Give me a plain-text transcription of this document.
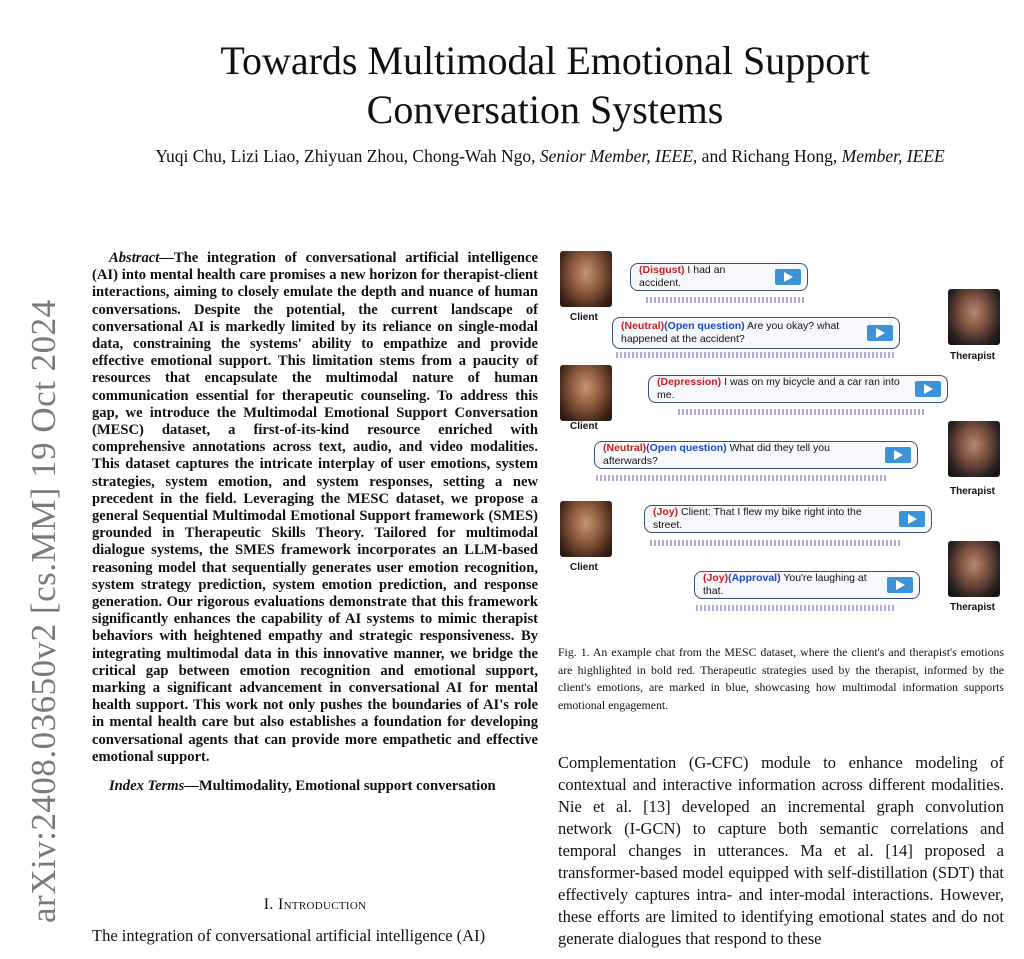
arXiv:2408.03650v2 [cs.MM] 19 Oct 2024
Towards Multimodal Emotional Support
Conversation Systems
Yuqi Chu, Lizi Liao, Zhiyuan Zhou, Chong-Wah Ngo, Senior Member, IEEE, and Richang Hong, Member, IEEE

Abstract—The integration of conversational artificial intelligence (AI) into mental health care promises a new horizon for therapist-client interactions, aiming to closely emulate the depth and nuance of human conversations. Despite the potential, the current landscape of conversational AI is markedly limited by its reliance on single-modal data, constraining the systems' ability to empathize and provide effective emotional support. This limitation stems from a paucity of resources that encapsulate the multimodal nature of human communication essential for therapeutic counseling. To address this gap, we introduce the Multimodal Emotional Support Conversation (MESC) dataset, a first-of-its-kind resource enriched with comprehensive annotations across text, audio, and video modalities. This dataset captures the intricate interplay of user emotions, system strategies, system emotion, and system responses, setting a new precedent in the field. Leveraging the MESC dataset, we propose a general Sequential Multimodal Emotional Support framework (SMES) grounded in Therapeutic Skills Theory. Tailored for multimodal dialogue systems, the SMES framework incorporates an LLM-based reasoning model that sequentially generates user emotion recognition, system strategy prediction, system emotion prediction, and response generation. Our rigorous evaluations demonstrate that this framework significantly enhances the capability of AI systems to mimic therapist behaviors with heightened empathy and strategic responsiveness. By integrating multimodal data in this innovative manner, we bridge the critical gap between emotion recognition and emotional support, marking a significant advancement in conversational AI for mental health support. This work not only pushes the boundaries of AI's role in mental health care but also establishes a foundation for developing conversational agents that can provide more empathetic and effective emotional support.

Index Terms—Multimodality, Emotional support conversation

I. Introduction
The integration of conversational artificial intelligence (AI)
Client
(Disgust) I had an accident.
Therapist
(Neutral)(Open question) Are you okay? what happened at the accident?
Client
(Depression) I was on my bicycle and a car ran into me.
Therapist
(Neutral)(Open question) What did they tell you afterwards?
Client
(Joy) Client: That I flew my bike right into the street.
Therapist
(Joy)(Approval) You're laughing at that.

Fig. 1. An example chat from the MESC dataset, where the client's and therapist's emotions are highlighted in bold red. Therapeutic strategies used by the therapist, informed by the client's emotions, are marked in blue, showcasing how multimodal information supports emotional engagement.

Complementation (G-CFC) module to enhance modeling of contextual and interactive information across different modalities. Nie et al. [13] developed an incremental graph convolution network (I-GCN) to capture both semantic correlations and temporal changes in utterances. Ma et al. [14] proposed a transformer-based model equipped with self-distillation (SDT) that effectively captures intra- and inter-modal interactions. However, these efforts are limited to identifying emotional states and do not generate dialogues that respond to these
